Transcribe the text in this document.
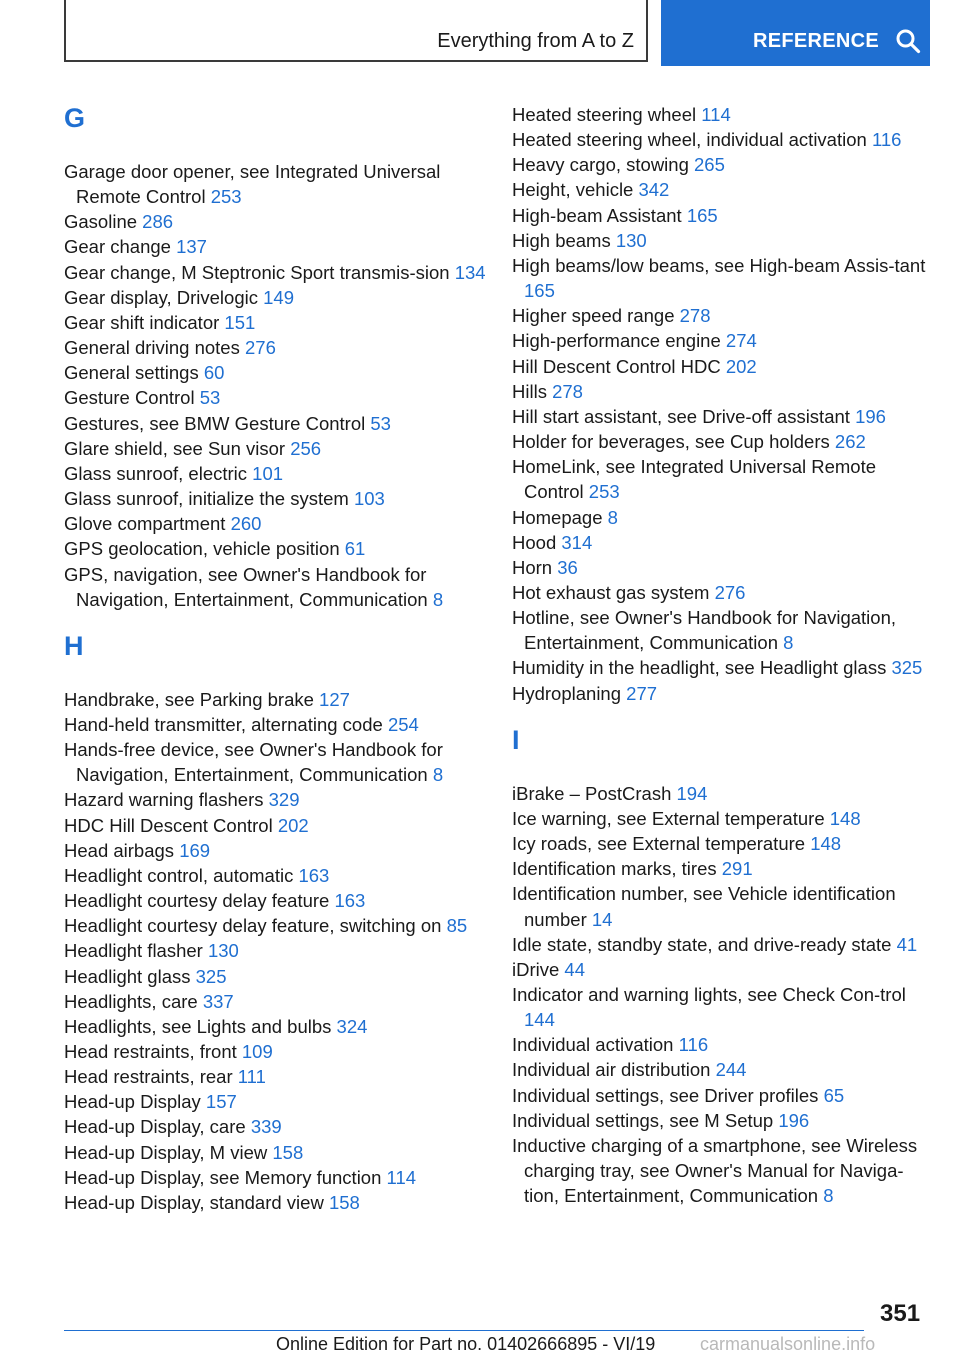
Everything from A to Z	REFERENCE
G
Garage door opener, see Integrated Universal Remote Control 253
Gasoline 286
Gear change 137
Gear change, M Steptronic Sport transmis-sion 134
Gear display, Drivelogic 149
Gear shift indicator 151
General driving notes 276
General settings 60
Gesture Control 53
Gestures, see BMW Gesture Control 53
Glare shield, see Sun visor 256
Glass sunroof, electric 101
Glass sunroof, initialize the system 103
Glove compartment 260
GPS geolocation, vehicle position 61
GPS, navigation, see Owner's Handbook for Navigation, Entertainment, Communication 8
H
Handbrake, see Parking brake 127
Hand-held transmitter, alternating code 254
Hands-free device, see Owner's Handbook for Navigation, Entertainment, Communication 8
Hazard warning flashers 329
HDC Hill Descent Control 202
Head airbags 169
Headlight control, automatic 163
Headlight courtesy delay feature 163
Headlight courtesy delay feature, switching on 85
Headlight flasher 130
Headlight glass 325
Headlights, care 337
Headlights, see Lights and bulbs 324
Head restraints, front 109
Head restraints, rear 111
Head-up Display 157
Head-up Display, care 339
Head-up Display, M view 158
Head-up Display, see Memory function 114
Head-up Display, standard view 158
Heated steering wheel 114
Heated steering wheel, individual activation 116
Heavy cargo, stowing 265
Height, vehicle 342
High-beam Assistant 165
High beams 130
High beams/low beams, see High-beam Assis-tant 165
Higher speed range 278
High-performance engine 274
Hill Descent Control HDC 202
Hills 278
Hill start assistant, see Drive-off assistant 196
Holder for beverages, see Cup holders 262
HomeLink, see Integrated Universal Remote Control 253
Homepage 8
Hood 314
Horn 36
Hot exhaust gas system 276
Hotline, see Owner's Handbook for Navigation, Entertainment, Communication 8
Humidity in the headlight, see Headlight glass 325
Hydroplaning 277
I
iBrake – PostCrash 194
Ice warning, see External temperature 148
Icy roads, see External temperature 148
Identification marks, tires 291
Identification number, see Vehicle identification number 14
Idle state, standby state, and drive-ready state 41
iDrive 44
Indicator and warning lights, see Check Con-trol 144
Individual activation 116
Individual air distribution 244
Individual settings, see Driver profiles 65
Individual settings, see M Setup 196
Inductive charging of a smartphone, see Wireless charging tray, see Owner's Manual for Naviga-tion, Entertainment, Communication 8
351
Online Edition for Part no. 01402666895 - VI/19 carmanualsonline.info
